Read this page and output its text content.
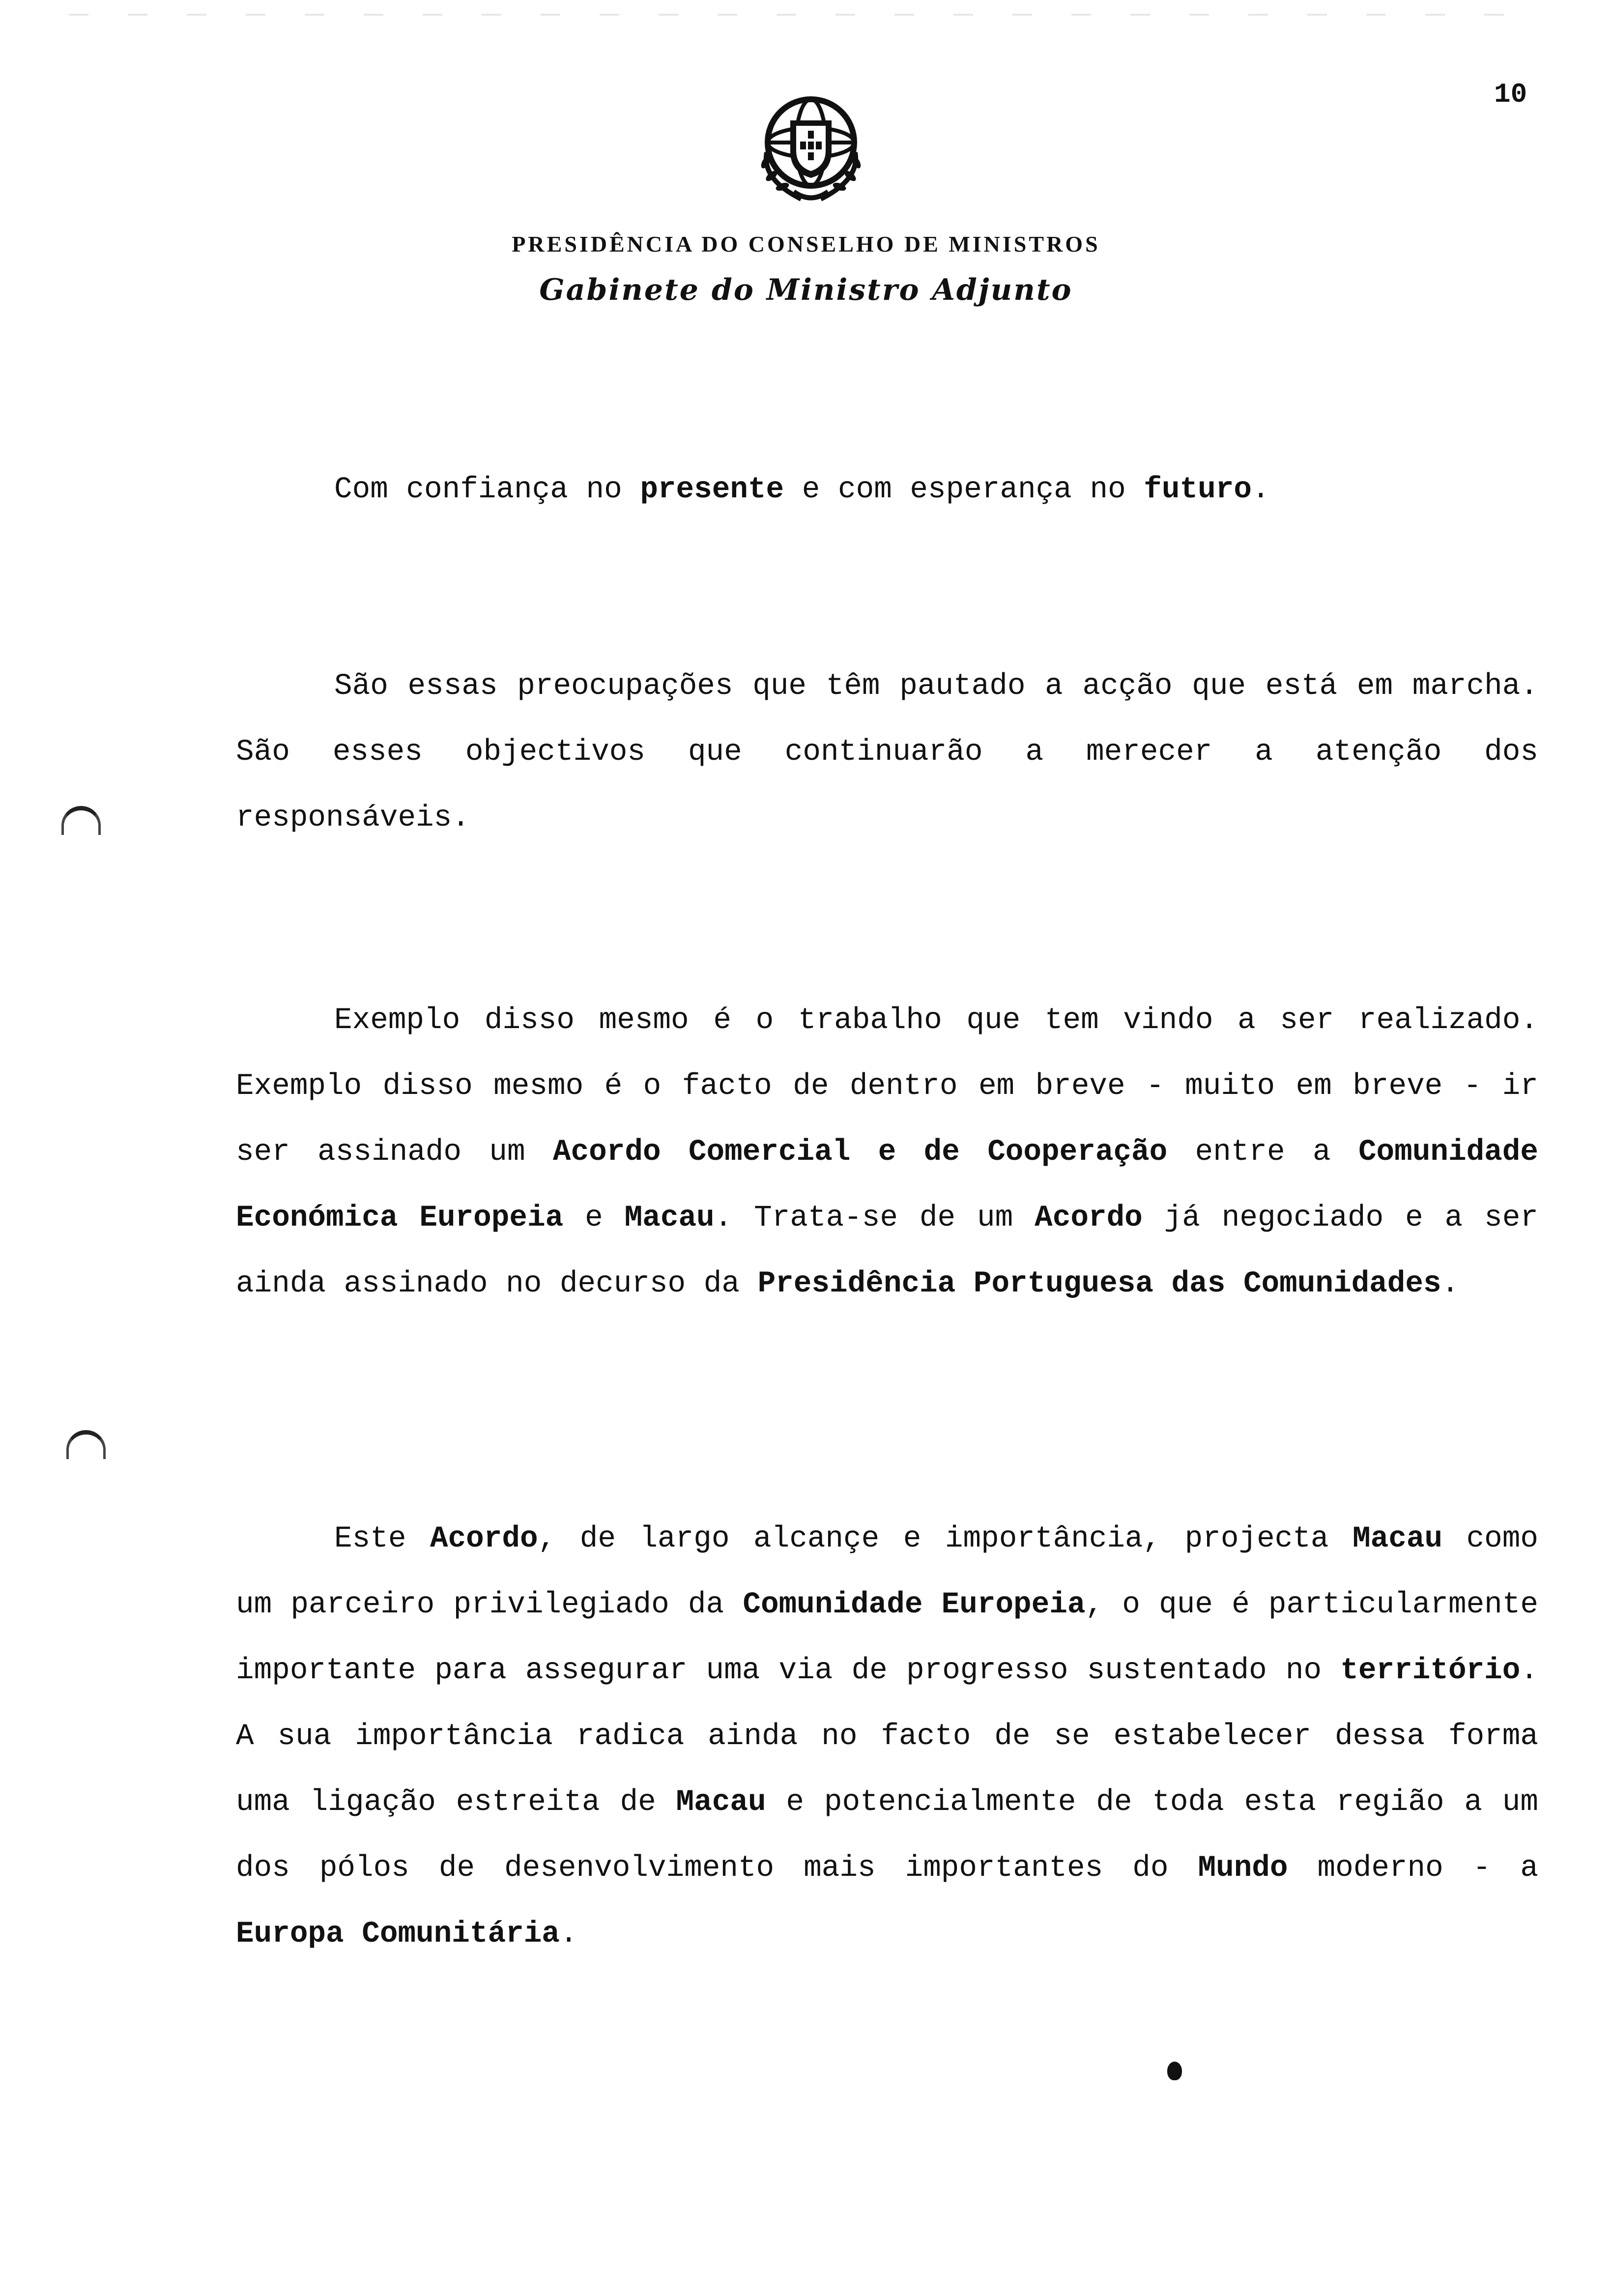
10
PRESIDÊNCIA DO CONSELHO DE MINISTROS
Gabinete do Ministro Adjunto
Com confiança no presente e com esperança no futuro.
São essas preocupações que têm pautado a acção que está em marcha. São esses objectivos que continuarão a merecer a atenção dos responsáveis.
Exemplo disso mesmo é o trabalho que tem vindo a ser realizado. Exemplo disso mesmo é o facto de dentro em breve - muito em breve - ir ser assinado um Acordo Comercial e de Cooperação entre a Comunidade Económica Europeia e Macau. Trata-se de um Acordo já negociado e a ser ainda assinado no decurso da Presidência Portuguesa das Comunidades.
Este Acordo, de largo alcançe e importância, projecta Macau como um parceiro privilegiado da Comunidade Europeia, o que é particularmente importante para assegurar uma via de progresso sustentado no território. A sua importância radica ainda no facto de se estabelecer dessa forma uma ligação estreita de Macau e potencialmente de toda esta região a um dos pólos de desenvolvimento mais importantes do Mundo moderno - a Europa Comunitária.
